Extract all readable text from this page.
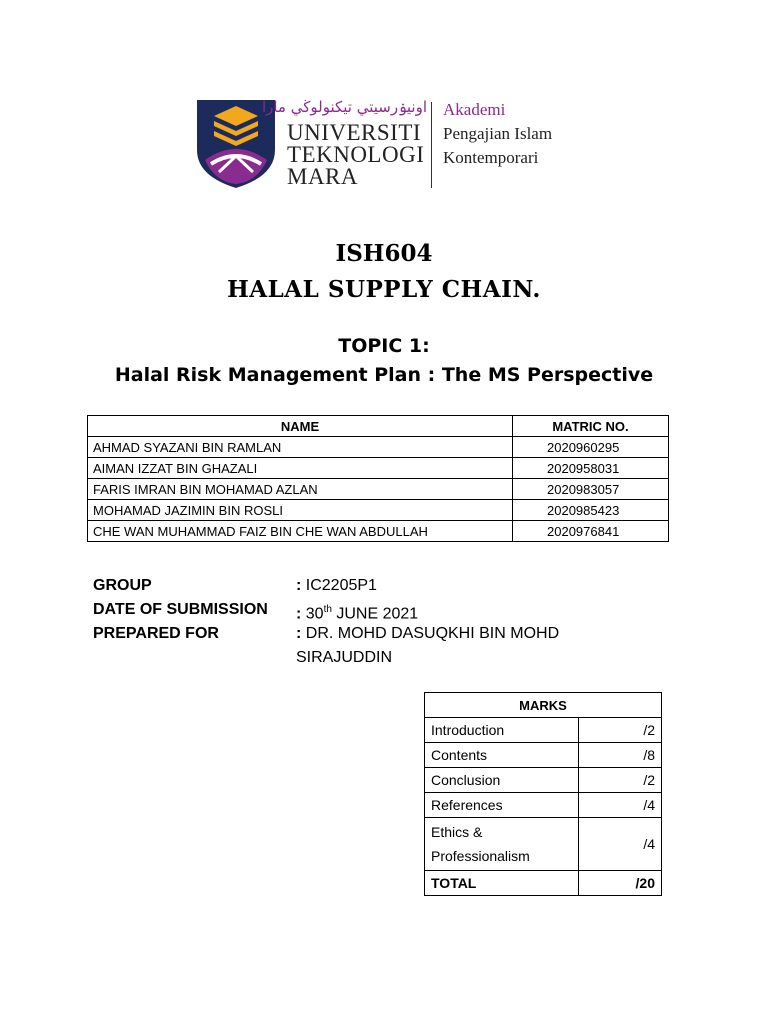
اونيۏرسيتي تيكنولوڬي مارا
UNIVERSITI
TEKNOLOGI
MARA
Akademi
Pengajian Islam
Kontemporari
ISH604
HALAL SUPPLY CHAIN.
TOPIC 1:
Halal Risk Management Plan : The MS Perspective
NAME	MATRIC NO.
AHMAD SYAZANI BIN RAMLAN	2020960295
AIMAN IZZAT BIN GHAZALI	2020958031
FARIS IMRAN BIN MOHAMAD AZLAN	2020983057
MOHAMAD JAZIMIN BIN ROSLI	2020985423
CHE WAN MUHAMMAD FAIZ BIN CHE WAN ABDULLAH	2020976841
GROUP	: IC2205P1
DATE OF SUBMISSION : 30th JUNE 2021
PREPARED FOR	: DR. MOHD DASUQKHI BIN MOHD
SIRAJUDDIN
MARKS	
Introduction	/2
Contents	/8
Conclusion	/2
References	/4

Ethics &
Professionalism	/4
TOTAL	/20
